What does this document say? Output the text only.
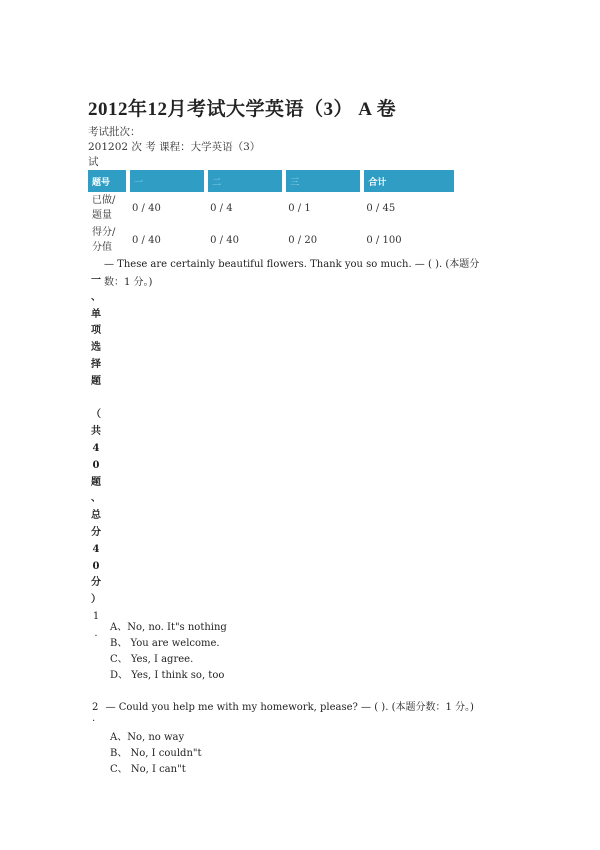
2012年12月考试大学英语（3） A 卷
考试批次：
201202 次 考 课程：大学英语（3）
试
题号	一	二	三	合计
已做/题量	0 / 40	0 / 4	0 / 1	0 / 45
得分/分值	0 / 40	0 / 40	0 / 20	0 / 100
— These are certainly beautiful flowers. Thank you so much. — ( ). (本题分
数：1 分。)
一
、
单
项
选
择
题
（
共
4
0
题
、
总
分
4
0
分
）
1
.
A、No, no. It"s nothing
B、 You are welcome.
C、 Yes, I agree.
D、 Yes, I think so, too
2 — Could you help me with my homework, please? — ( ). (本题分数：1 分。)
.
A、No, no way
B、 No, I couldn"t
C、 No, I can"t
